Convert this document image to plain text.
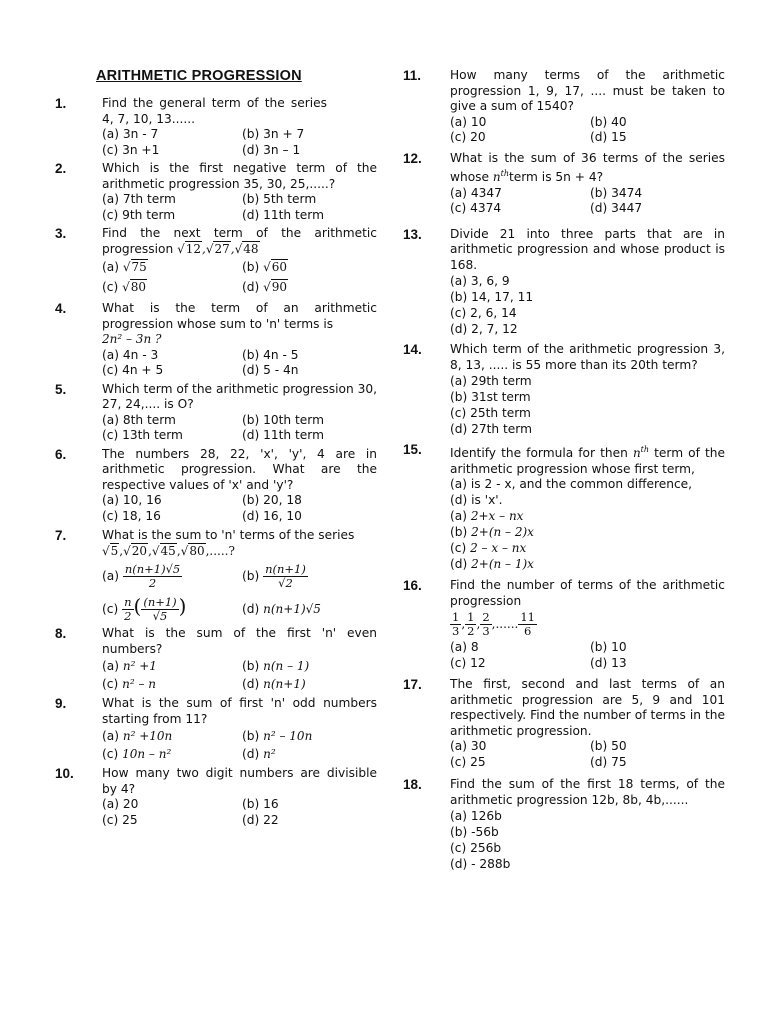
ARITHMETIC PROGRESSION
1.	Find the general term of the series 4, 7, 10, 13......
(a) 3n - 7	(b) 3n + 7
(c) 3n +1	(d) 3n – 1
2.	Which is the first negative term of the arithmetic progression 35, 30, 25,.....?
(a) 7th term	(b) 5th term
(c) 9th term	(d) 11th term
3.	Find the next term of the arithmetic progression √12,√27,√48
(a) √75	(b) √60
(c) √80	(d) √90
4.	What is the term of an arithmetic progression whose sum to 'n' terms is
2n² – 3n ?
(a) 4n - 3	(b) 4n - 5
(c) 4n + 5	(d) 5 - 4n
5.	Which term of the arithmetic progression 30, 27, 24,.... is O?
(a) 8th term	(b) 10th term
(c) 13th term	(d) 11th term
6.	The numbers 28, 22, 'x', 'y', 4 are in arithmetic progression. What are the respective values of 'x' and 'y'?
(a) 10, 16	(b) 20, 18
(c) 18, 16	(d) 16, 10
7.	What is the sum to 'n' terms of the series
√5,√20,√45,√80,.....?
$(a) \frac{n(n+1)√5}{2}$	$(b) \frac{n(n+1)}{√2}$
$(c) \frac{n}{2}$ ( $\frac{(n+1)}{√5}$ )	(d) n(n+1)√5
8.	What is the sum of the first 'n' even numbers?
(a) n² +1	(b) n(n – 1)
(c) n² – n	(d) n(n+1)
9.	What is the sum of first 'n' odd numbers starting from 11?
(a) n² +10n	(b) n² – 10n
(c) 10n – n²	(d) n²
10. How many two digit numbers are divisible by 4?
(a) 20	(b) 16
(c) 25	(d) 22
11. How many terms of the arithmetic progression 1, 9, 17, .... must be taken to give a sum of 1540?
(a) 10	(b) 40
(c) 20	(d) 15
12. What is the sum of 36 terms of the series whose $n^{th}term$ is 5n + 4?
(a) 4347	(b) 3474
(c) 4374	(d) 3447
13. Divide 21 into three parts that are in arithmetic progression and whose product is 168.
(a) 3, 6, 9
(b) 14, 17, 11
(c) 2, 6, 14
(d) 2, 7, 12
14. Which term of the arithmetic progression 3, 8, 13, ..... is 55 more than its 20th term?
(a) 29th term
(b) 31st term
(c) 25th term
(d) 27th term
15. Identify the formula for then $n^{th}$ term of the arithmetic progression whose first term,
(a) is 2 - x, and the common difference,
(d) is 'x'.
(a) 2+x – nx
(b) 2+(n – 2)x
(c) 2 – x – nx
(d) 2+(n – 1)x
16. Find the number of terms of the arithmetic progression
$\frac{1}{3}$ , $\frac{1}{2}$ , $\frac{2}{3}$ ,...... $\frac{11}{6}$
(a) 8	(b) 10
(c) 12	(d) 13
17. The first, second and last terms of an arithmetic progression are 5, 9 and 101 respectively. Find the number of terms in the arithmetic progression.
(a) 30	(b) 50
(c) 25	(d) 75
18. Find the sum of the first 18 terms, of the arithmetic progression 12b, 8b, 4b,......
(a) 126b
(b) -56b
(c) 256b
(d) - 288b
